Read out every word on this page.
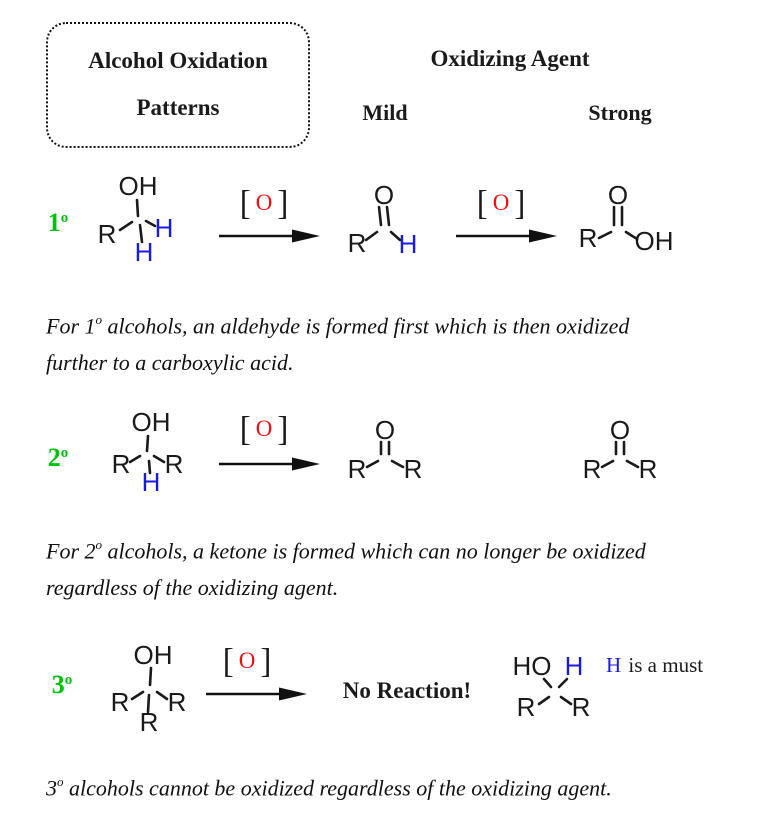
Alcohol Oxidation
Patterns
Oxidizing Agent
Mild	Strong
1$^o$
OH
R H
H
[ O ]	O
R H
[ O ]	O
R OH
For 1$^o$ alcohols, an aldehyde is formed first which is then oxidized
further to a carboxylic acid.
2$^o$
OH
R R
H
[ O ]	O
R R
O
R R
For 2$^o$ alcohols, a ketone is formed which can no longer be oxidized
regardless of the oxidizing agent.
3$^o$
OH
R R
R
[ O ]
No Reaction!
HO H
R R
H is a must
3$^o$ alcohols cannot be oxidized regardless of the oxidizing agent.
